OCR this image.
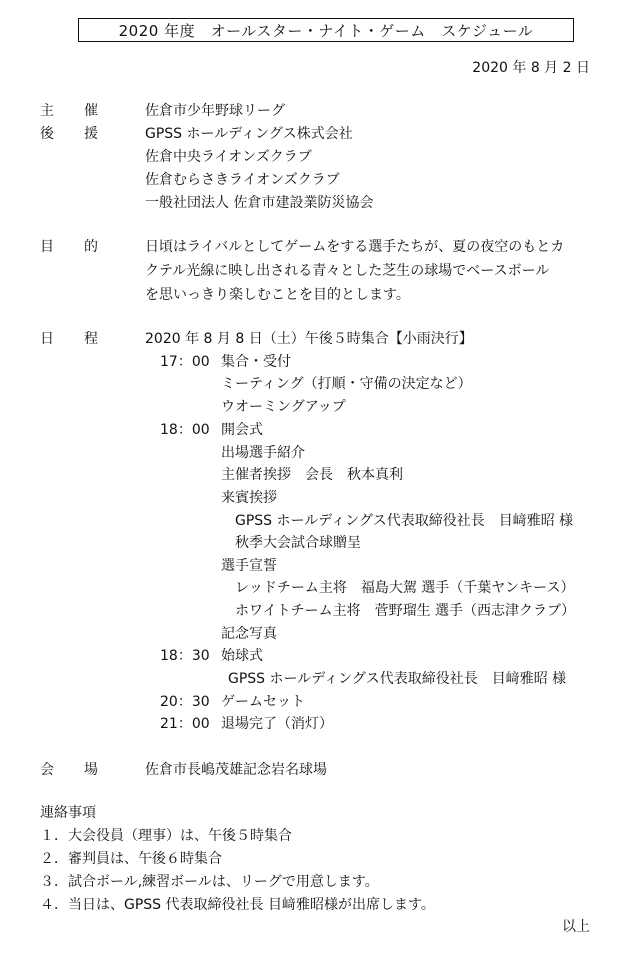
2020 年度　オールスター・ナイト・ゲーム　スケジュール
2020 年 8 月 2 日
主 催	佐倉市少年野球リーグ
後 援	GPSS ホールディングス株式会社
佐倉中央ライオンズクラブ
佐倉むらさきライオンズクラブ
一般社団法人 佐倉市建設業防災協会
目 的	日頃はライバルとしてゲームをする選手たちが、夏の夜空のもとカ
クテル光線に映し出される青々とした芝生の球場でベースボール
を思いっきり楽しむことを目的とします。
日 程	2020 年 8 月 8 日（土）午後５時集合【小雨決行】
17：00 集合・受付
ミーティング（打順・守備の決定など）
ウオーミングアップ
18：00 開会式
出場選手紹介
主催者挨拶　会長　秋本真利
来賓挨拶
GPSS ホールディングス代表取締役社長　目﨑雅昭 様
秋季大会試合球贈呈
選手宣誓
レッドチーム主将　福島大駕 選手（千葉ヤンキース）
ホワイトチーム主将　菅野瑠生 選手（西志津クラブ）
記念写真
18：30 始球式
GPSS ホールディングス代表取締役社長　目﨑雅昭 様
20：30 ゲームセット
21：00 退場完了（消灯）
会 場	佐倉市長嶋茂雄記念岩名球場
連絡事項
１．大会役員（理事）は、午後５時集合
２．審判員は、午後６時集合
３．試合ボール,練習ボールは、リーグで用意します。
４．当日は、GPSS 代表取締役社長 目﨑雅昭様が出席します。
以上
